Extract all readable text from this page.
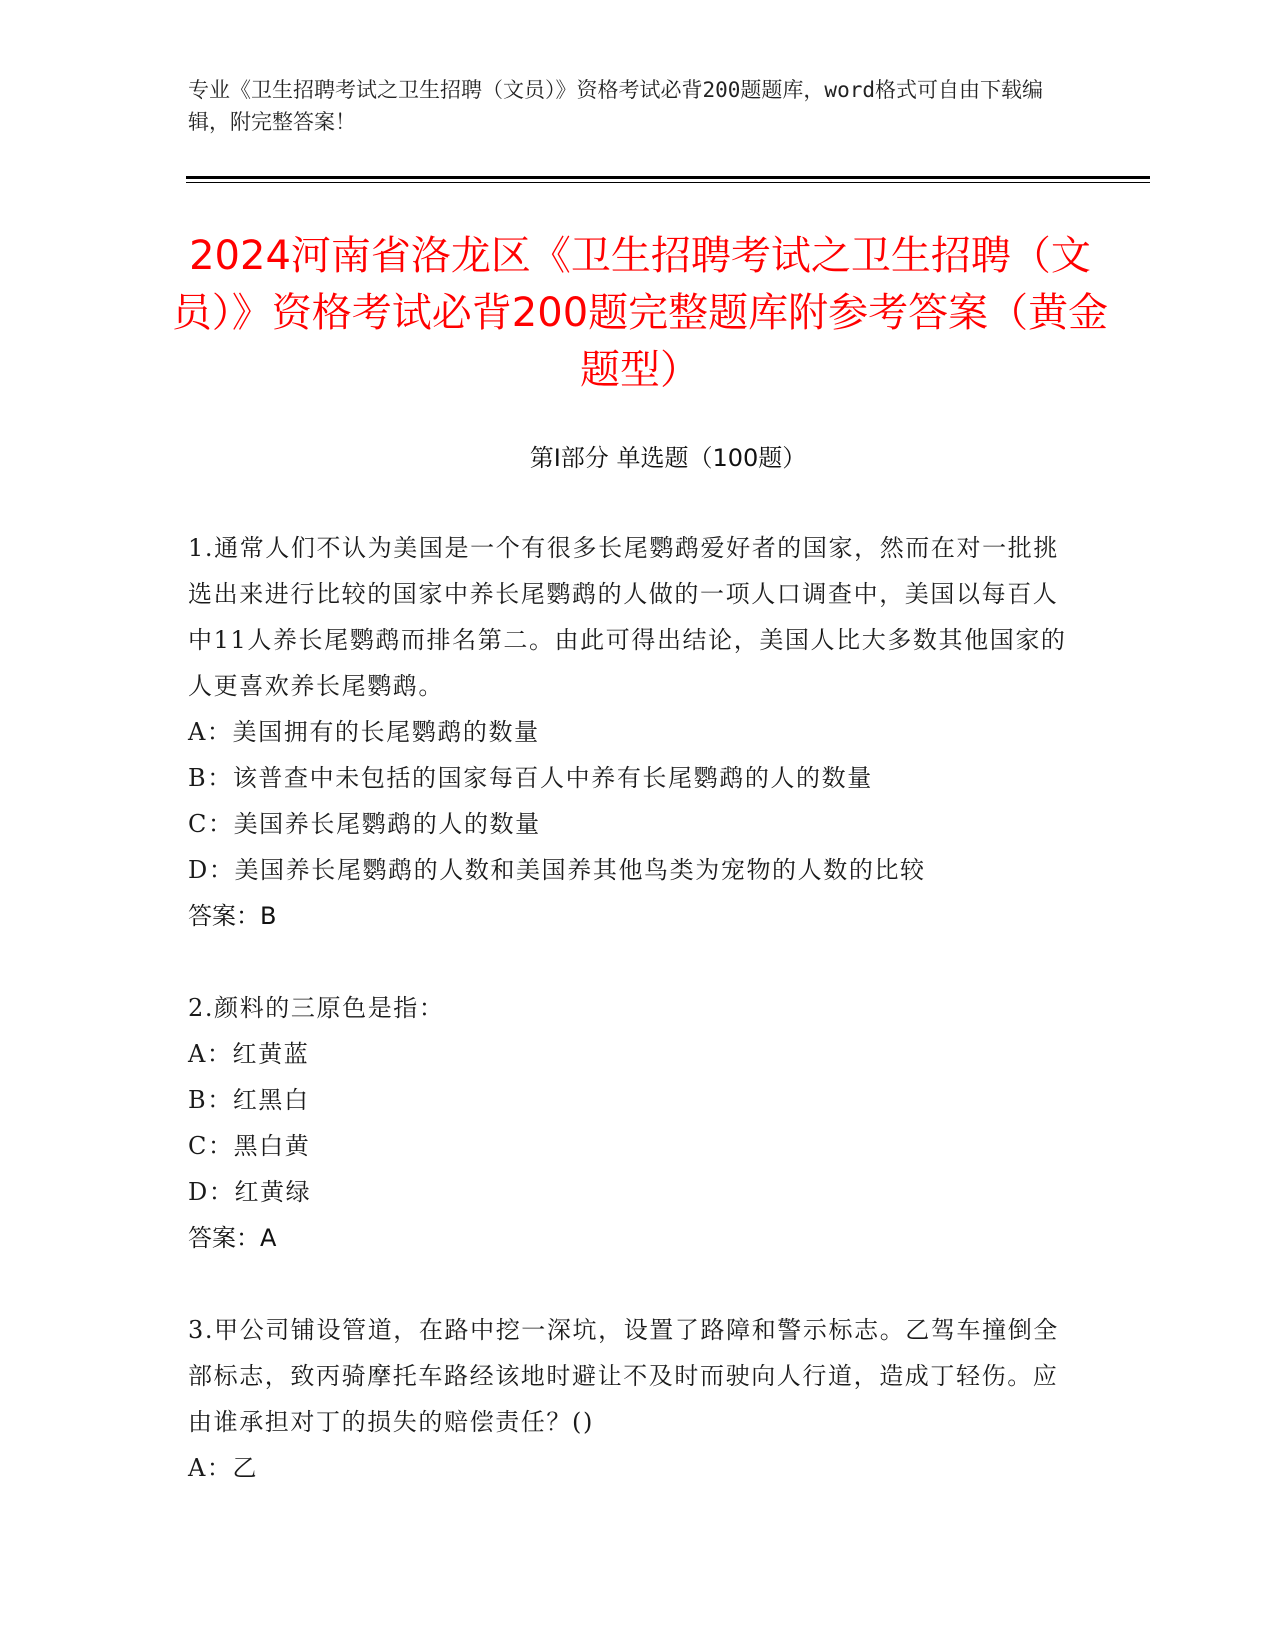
专业《卫生招聘考试之卫生招聘（文员）》资格考试必背200题题库，word格式可自由下载编辑，附完整答案！
2024河南省洛龙区《卫生招聘考试之卫生招聘（文员）》资格考试必背200题完整题库附参考答案（黄金题型）
第Ⅰ部分 单选题（100题）
1.通常人们不认为美国是一个有很多长尾鹦鹉爱好者的国家，然而在对一批挑选出来进行比较的国家中养长尾鹦鹉的人做的一项人口调查中，美国以每百人中11人养长尾鹦鹉而排名第二。由此可得出结论，美国人比大多数其他国家的人更喜欢养长尾鹦鹉。
A：美国拥有的长尾鹦鹉的数量
B：该普查中未包括的国家每百人中养有长尾鹦鹉的人的数量
C：美国养长尾鹦鹉的人的数量
D：美国养长尾鹦鹉的人数和美国养其他鸟类为宠物的人数的比较
答案：B
2.颜料的三原色是指：
A：红黄蓝
B：红黑白
C：黑白黄
D：红黄绿
答案：A
3.甲公司铺设管道，在路中挖一深坑，设置了路障和警示标志。乙驾车撞倒全部标志，致丙骑摩托车路经该地时避让不及时而驶向人行道，造成丁轻伤。应由谁承担对丁的损失的赔偿责任？()
A：乙
